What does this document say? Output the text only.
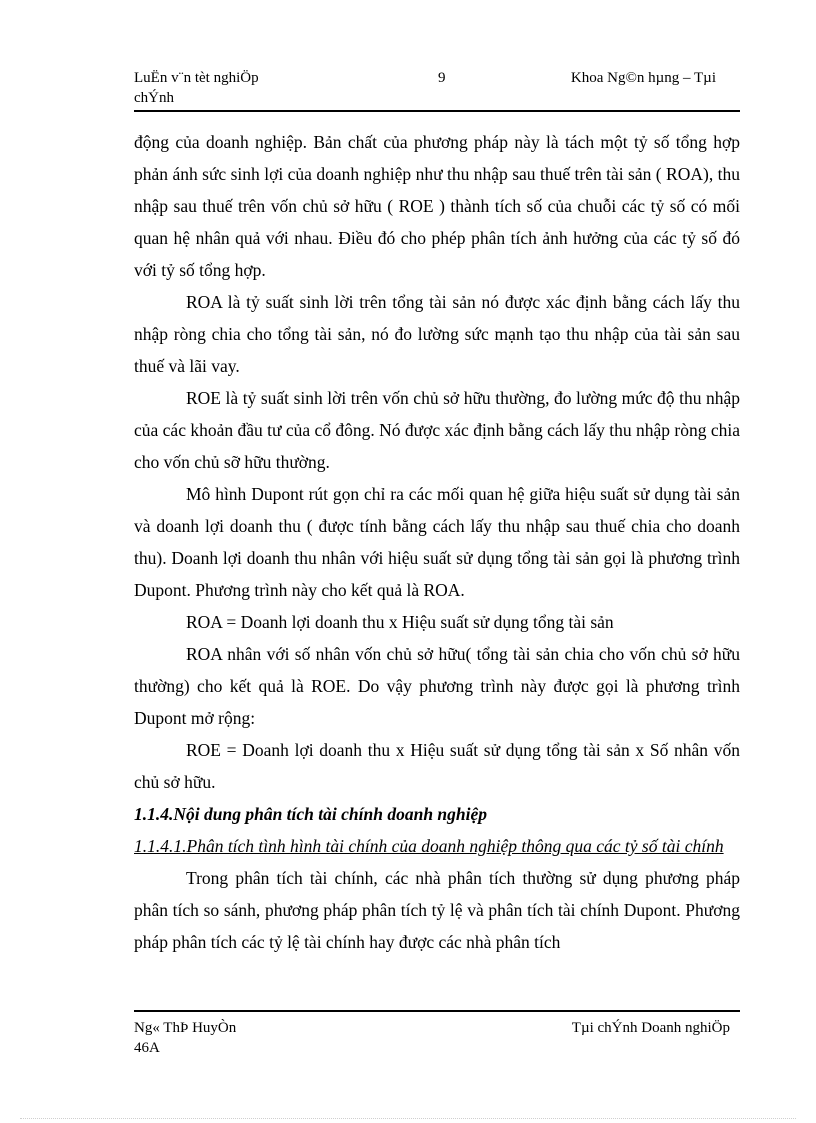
LuËn v¨n tèt nghiÖp
chÝnh
9	Khoa Ng©n hµng – Tµi

động của doanh nghiệp. Bản chất của phương pháp này là tách một tỷ số tổng hợp phản ánh sức sinh lợi của doanh nghiệp như thu nhập sau thuế trên tài sản ( ROA), thu nhập sau thuế trên vốn chủ sở hữu ( ROE ) thành tích số của chuỗi các tỷ số có mối quan hệ nhân quả với nhau. Điều đó cho phép phân tích ảnh hưởng của các tỷ số đó với tỷ số tổng hợp.

ROA là tỷ suất sinh lời trên tổng tài sản nó được xác định bằng cách lấy thu nhập ròng chia cho tổng tài sản, nó đo lường sức mạnh tạo thu nhập của tài sản sau thuế và lãi vay.

ROE là tỷ suất sinh lời trên vốn chủ sở hữu thường, đo lường mức độ thu nhập của các khoản đầu tư của cổ đông. Nó được xác định bằng cách lấy thu nhập ròng chia cho vốn chủ sỡ hữu thường.

Mô hình Dupont rút gọn chỉ ra các mối quan hệ giữa hiệu suất sử dụng tài sản và doanh lợi doanh thu ( được tính bằng cách lấy thu nhập sau thuế chia cho doanh thu). Doanh lợi doanh thu nhân với hiệu suất sử dụng tổng tài sản gọi là phương trình Dupont. Phương trình này cho kết quả là ROA.

ROA = Doanh lợi doanh thu x Hiệu suất sử dụng tổng tài sản

ROA nhân với số nhân vốn chủ sở hữu( tổng tài sản chia cho vốn chủ sở hữu thường) cho kết quả là ROE. Do vậy phương trình này được gọi là phương trình Dupont mở rộng:

ROE = Doanh lợi doanh thu x Hiệu suất sử dụng tổng tài sản x Số nhân vốn chủ sở hữu.

1.1.4.Nội dung phân tích tài chính doanh nghiệp

1.1.4.1.Phân tích tình hình tài chính của doanh nghiệp thông qua các tỷ số tài chính

Trong phân tích tài chính, các nhà phân tích thường sử dụng phương pháp phân tích so sánh, phương pháp phân tích tỷ lệ và phân tích tài chính Dupont. Phương pháp phân tích các tỷ lệ tài chính hay được các nhà phân tích

Ng« ThÞ HuyÒn
46A
Tµi chÝnh Doanh nghiÖp
